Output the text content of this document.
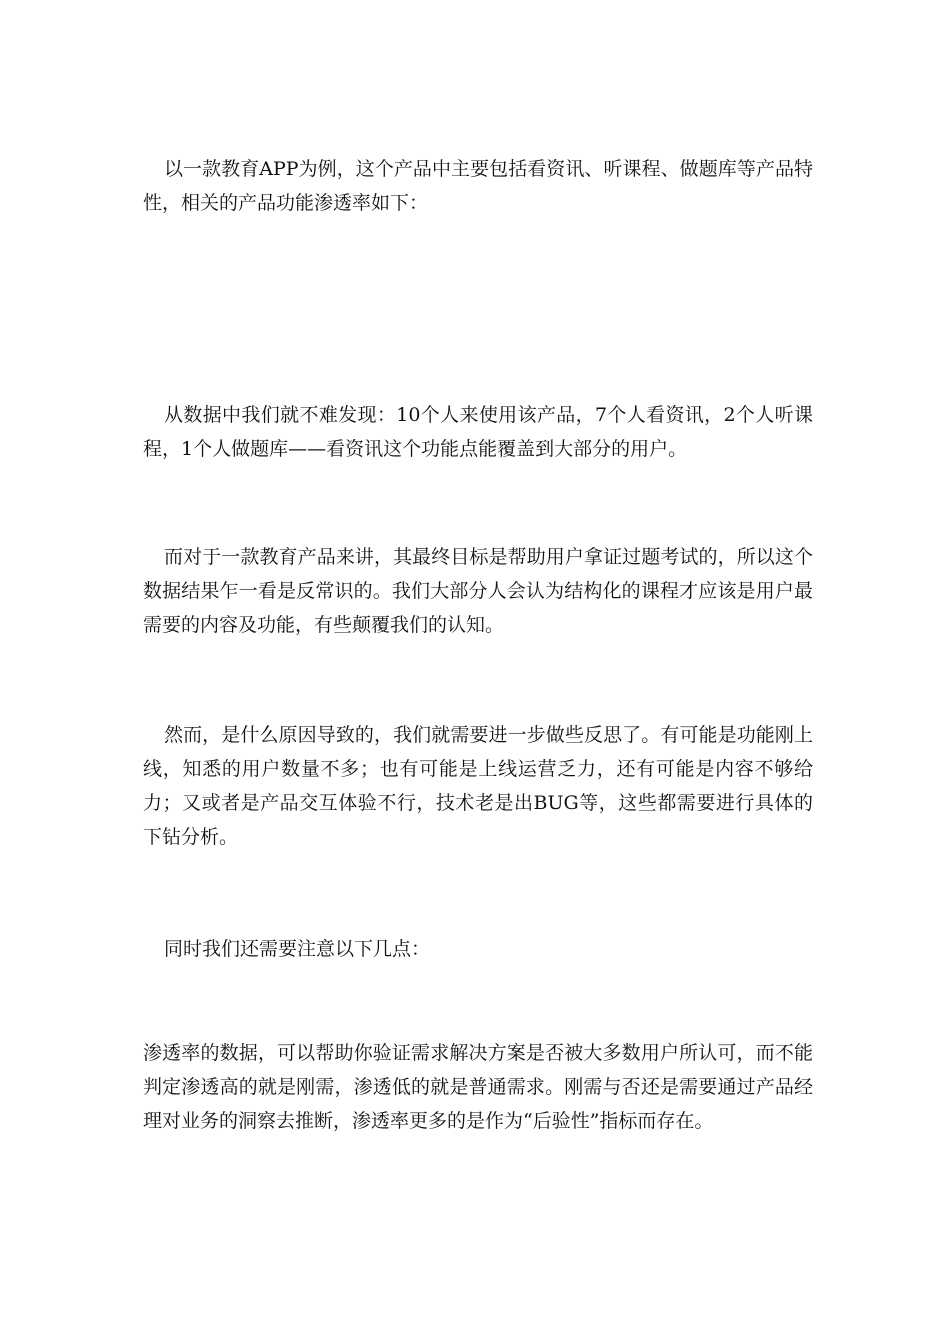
以一款教育APP为例，这个产品中主要包括看资讯、听课程、做题库等产品特性，相关的产品功能渗透率如下：

从数据中我们就不难发现：10个人来使用该产品，7个人看资讯，2个人听课程，1个人做题库——看资讯这个功能点能覆盖到大部分的用户。

而对于一款教育产品来讲，其最终目标是帮助用户拿证过题考试的，所以这个数据结果乍一看是反常识的。我们大部分人会认为结构化的课程才应该是用户最需要的内容及功能，有些颠覆我们的认知。

然而，是什么原因导致的，我们就需要进一步做些反思了。有可能是功能刚上线，知悉的用户数量不多；也有可能是上线运营乏力，还有可能是内容不够给力；又或者是产品交互体验不行，技术老是出BUG等，这些都需要进行具体的下钻分析。

同时我们还需要注意以下几点：

渗透率的数据，可以帮助你验证需求解决方案是否被大多数用户所认可，而不能判定渗透高的就是刚需，渗透低的就是普通需求。刚需与否还是需要通过产品经理对业务的洞察去推断，渗透率更多的是作为“后验性”指标而存在。
